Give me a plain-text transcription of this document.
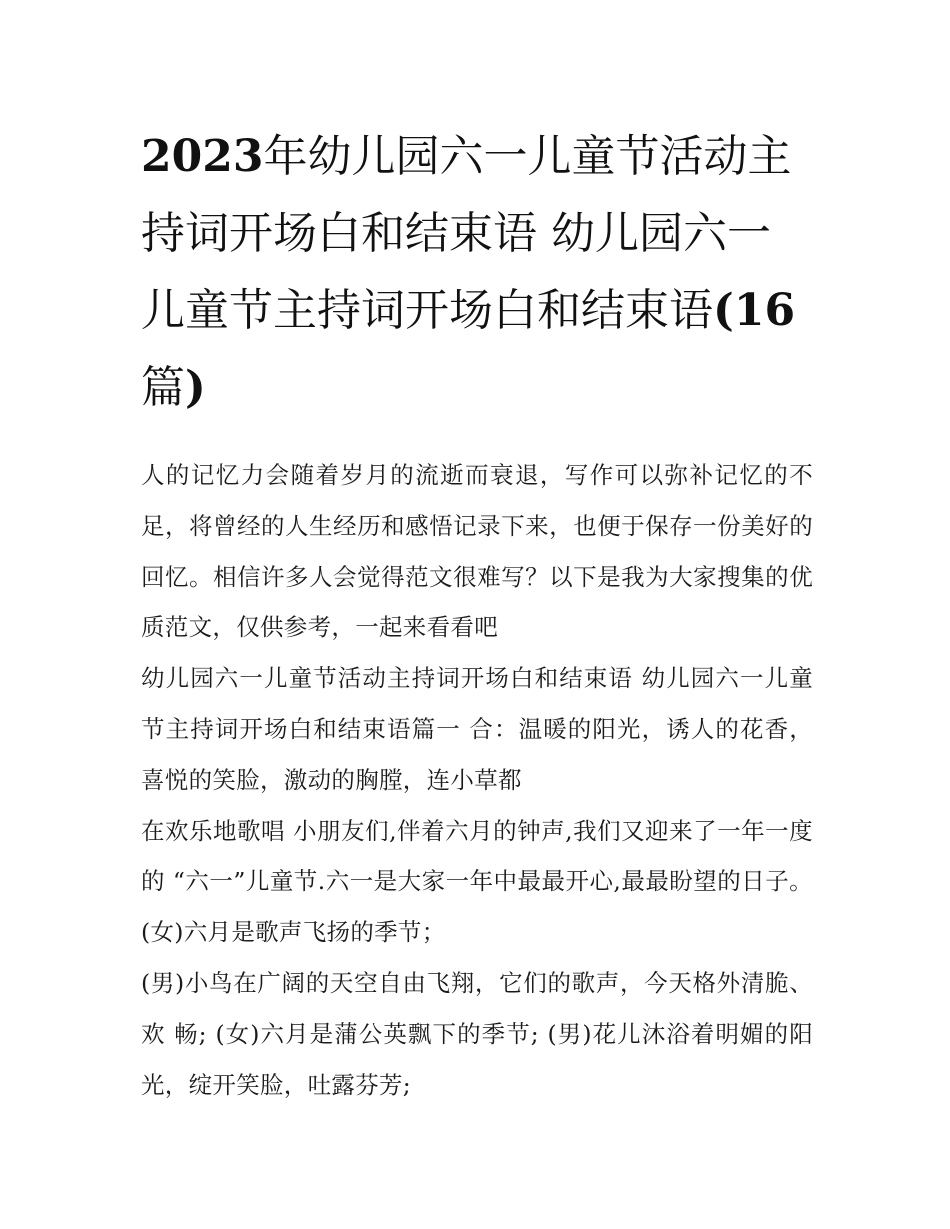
2023年幼儿园六一儿童节活动主持词开场白和结束语 幼儿园六一儿童节主持词开场白和结束语(16篇)

人的记忆力会随着岁月的流逝而衰退，写作可以弥补记忆的不足，将曾经的人生经历和感悟记录下来，也便于保存一份美好的回忆。相信许多人会觉得范文很难写？以下是我为大家搜集的优质范文，仅供参考，一起来看看吧

幼儿园六一儿童节活动主持词开场白和结束语 幼儿园六一儿童节主持词开场白和结束语篇一 合：温暖的阳光，诱人的花香，喜悦的笑脸，激动的胸膛，连小草都

在欢乐地歌唱 小朋友们,伴着六月的钟声,我们又迎来了一年一度的 “六一”儿童节.六一是大家一年中最最开心,最最盼望的日子。 (女)六月是歌声飞扬的季节；

(男)小鸟在广阔的天空自由飞翔，它们的歌声，今天格外清脆、欢 畅; (女)六月是蒲公英飘下的季节; (男)花儿沐浴着明媚的阳光，绽开笑脸，吐露芬芳;
